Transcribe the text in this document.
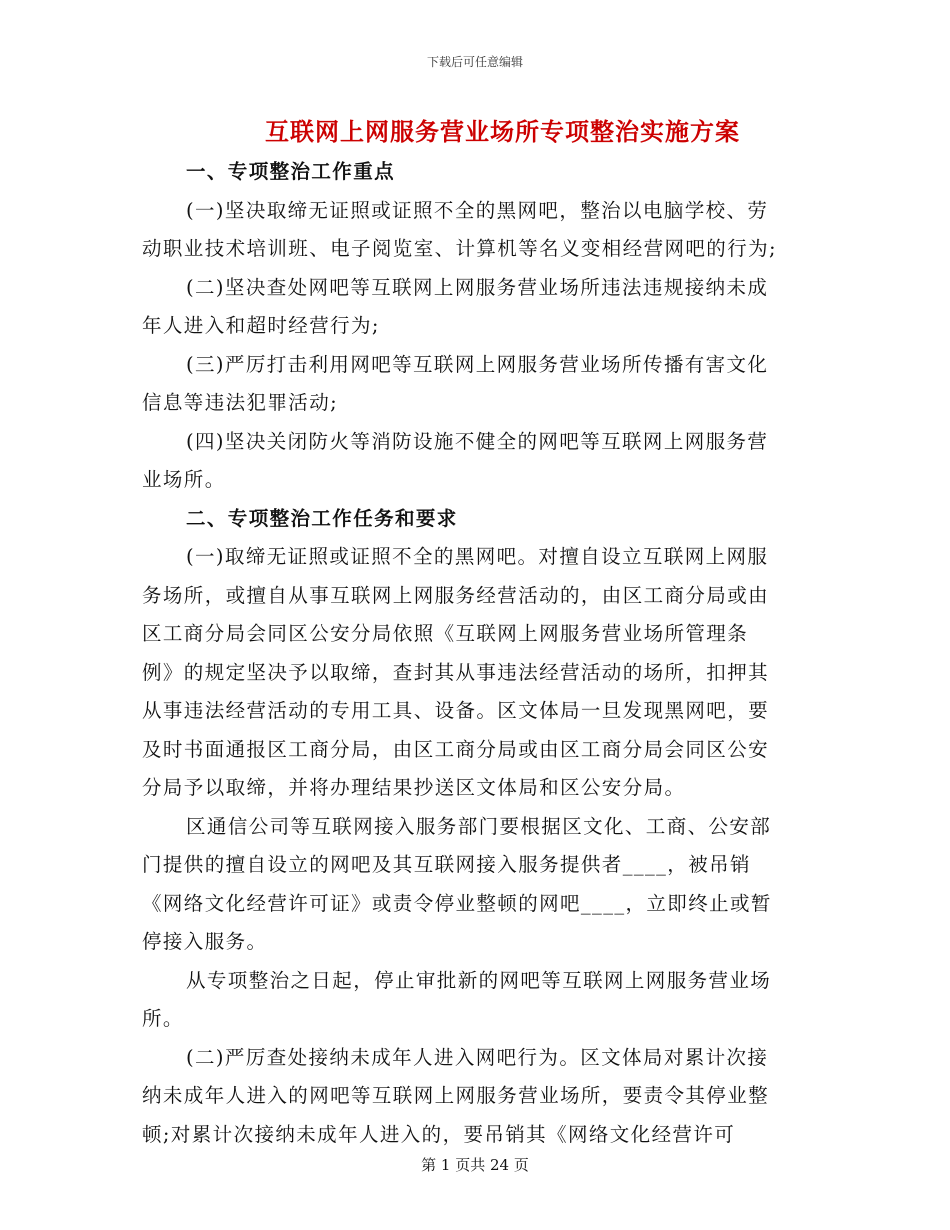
下载后可任意编辑
互联网上网服务营业场所专项整治实施方案
一、专项整治工作重点
(一)坚决取缔无证照或证照不全的黑网吧，整治以电脑学校、劳
动职业技术培训班、电子阅览室、计算机等名义变相经营网吧的行为;
(二)坚决查处网吧等互联网上网服务营业场所违法违规接纳未成
年人进入和超时经营行为;
(三)严厉打击利用网吧等互联网上网服务营业场所传播有害文化
信息等违法犯罪活动;
(四)坚决关闭防火等消防设施不健全的网吧等互联网上网服务营
业场所。
二、专项整治工作任务和要求
(一)取缔无证照或证照不全的黑网吧。对擅自设立互联网上网服
务场所，或擅自从事互联网上网服务经营活动的，由区工商分局或由
区工商分局会同区公安分局依照《互联网上网服务营业场所管理条
例》的规定坚决予以取缔，查封其从事违法经营活动的场所，扣押其
从事违法经营活动的专用工具、设备。区文体局一旦发现黑网吧，要
及时书面通报区工商分局，由区工商分局或由区工商分局会同区公安
分局予以取缔，并将办理结果抄送区文体局和区公安分局。
区通信公司等互联网接入服务部门要根据区文化、工商、公安部
门提供的擅自设立的网吧及其互联网接入服务提供者____，被吊销
《网络文化经营许可证》或责令停业整顿的网吧____，立即终止或暂
停接入服务。
从专项整治之日起，停止审批新的网吧等互联网上网服务营业场
所。
(二)严厉查处接纳未成年人进入网吧行为。区文体局对累计次接
纳未成年人进入的网吧等互联网上网服务营业场所，要责令其停业整
顿;对累计次接纳未成年人进入的，要吊销其《网络文化经营许可
第 1 页共 24 页
